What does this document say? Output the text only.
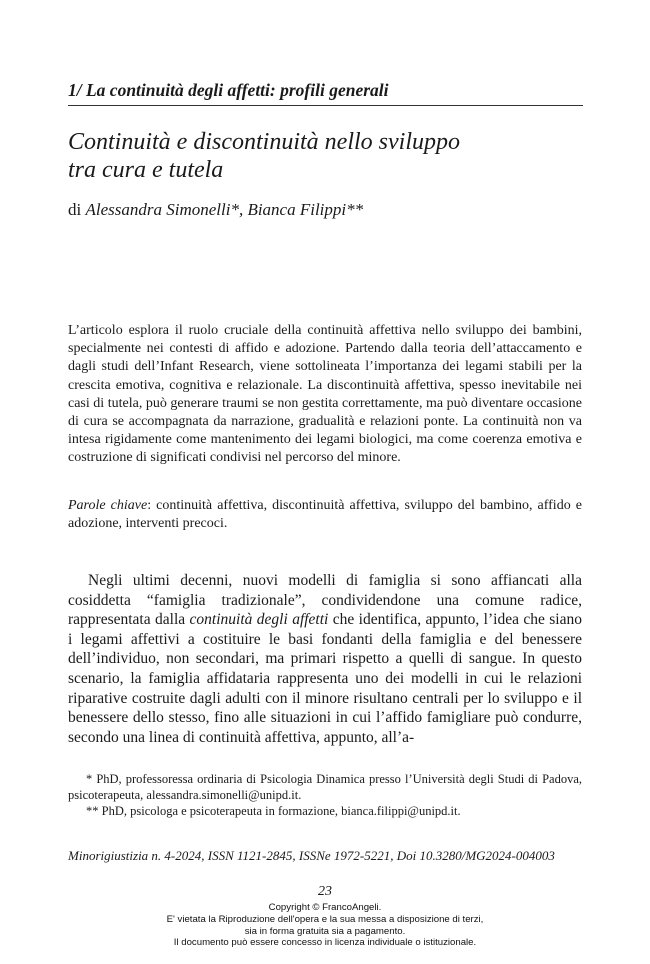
1/ La continuità degli affetti: profili generali
Continuità e discontinuità nello sviluppo
tra cura e tutela
di Alessandra Simonelli*, Bianca Filippi**

L’articolo esplora il ruolo cruciale della continuità affettiva nello sviluppo dei bambini, specialmente nei contesti di affido e adozione. Partendo dalla teoria dell’attaccamento e dagli studi dell’Infant Research, viene sottolineata l’importanza dei legami stabili per la crescita emotiva, cognitiva e relazionale. La discontinuità affettiva, spesso inevitabile nei casi di tutela, può generare traumi se non gestita correttamente, ma può diventare occasione di cura se accompagnata da narrazione, gradualità e relazioni ponte. La continuità non va intesa rigidamente come mantenimento dei legami biologici, ma come coerenza emotiva e costruzione di significati condivisi nel percorso del minore.

Parole chiave: continuità affettiva, discontinuità affettiva, sviluppo del bambino, affido e adozione, interventi precoci.
Negli ultimi decenni, nuovi modelli di famiglia si sono affiancati alla cosiddetta “famiglia tradizionale”, condividendone una comune radice, rappresentata dalla continuità degli affetti che identifica, appunto, l’idea che siano i legami affettivi a costituire le basi fondanti della famiglia e del benessere dell’individuo, non secondari, ma primari rispetto a quelli di sangue. In questo scenario, la famiglia affidataria rappresenta uno dei modelli in cui le relazioni riparative costruite dagli adulti con il minore risultano centrali per lo sviluppo e il benessere dello stesso, fino alle situazioni in cui l’affido famigliare può condurre, secondo una linea di continuità affettiva, appunto, all’a-

* PhD, professoressa ordinaria di Psicologia Dinamica presso l’Università degli Studi di Padova, psicoterapeuta, alessandra.simonelli@unipd.it.

** PhD, psicologa e psicoterapeuta in formazione, bianca.filippi@unipd.it.

Minorigiustizia n. 4-2024, ISSN 1121-2845, ISSNe 1972-5221, Doi 10.3280/MG2024-004003
23
Copyright © FrancoAngeli.
E' vietata la Riproduzione dell'opera e la sua messa a disposizione di terzi,
sia in forma gratuita sia a pagamento.
Il documento può essere concesso in licenza individuale o istituzionale.
